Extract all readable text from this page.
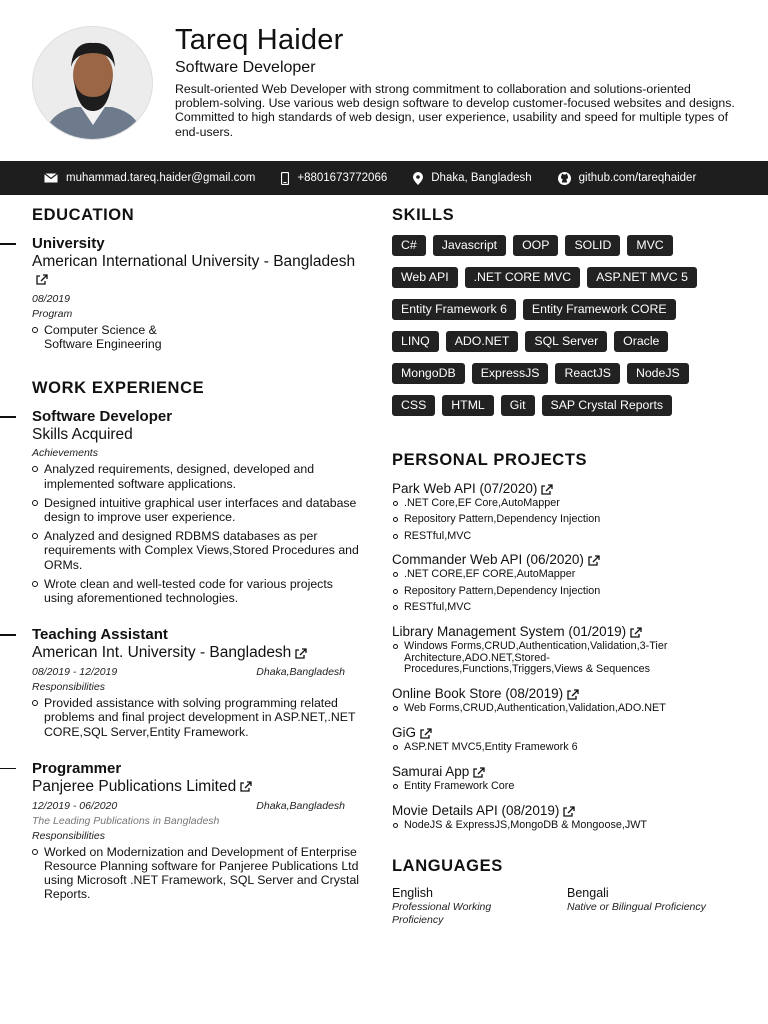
Tareq Haider
Software Developer
Result-oriented Web Developer with strong commitment to collaboration and solutions-oriented problem-solving. Use various web design software to develop customer-focused websites and designs. Committed to high standards of web design, user experience, usability and speed for multiple types of end-users.
muhammad.tareq.haider@gmail.com	+8801673772066	Dhaka, Bangladesh	github.com/tareqhaider
EDUCATION
University
American International University - Bangladesh
08/2019
Program
Computer Science & Software Engineering
WORK EXPERIENCE
Software Developer
Skills Acquired
Achievements
Analyzed requirements, designed, developed and implemented software applications.
Designed intuitive graphical user interfaces and database design to improve user experience.
Analyzed and designed RDBMS databases as per requirements with Complex Views,Stored Procedures and ORMs.
Wrote clean and well-tested code for various projects using aforementioned technologies.
Teaching Assistant
American Int. University - Bangladesh
08/2019 - 12/2019	Dhaka,Bangladesh
Responsibilities
Provided assistance with solving programming related problems and final project development in ASP.NET,.NET CORE,SQL Server,Entity Framework.
Programmer
Panjeree Publications Limited
12/2019 - 06/2020	Dhaka,Bangladesh
The Leading Publications in Bangladesh
Responsibilities
Worked on Modernization and Development of Enterprise Resource Planning software for Panjeree Publications Ltd using Microsoft .NET Framework, SQL Server and Crystal Reports.
SKILLS
C#	Javascript	OOP	SOLID	MVC
Web API	.NET CORE MVC	ASP.NET MVC 5
Entity Framework 6	Entity Framework CORE
LINQ	ADO.NET	SQL Server	Oracle
MongoDB	ExpressJS	ReactJS	NodeJS
CSS	HTML	Git	SAP Crystal Reports
PERSONAL PROJECTS
Park Web API (07/2020)
.NET Core,EF Core,AutoMapper
Repository Pattern,Dependency Injection
RESTful,MVC
Commander Web API (06/2020)
.NET CORE,EF CORE,AutoMapper
Repository Pattern,Dependency Injection
RESTful,MVC
Library Management System (01/2019)
Windows Forms,CRUD,Authentication,Validation,3-Tier Architecture,ADO.NET,Stored-Procedures,Functions,Triggers,Views & Sequences
Online Book Store (08/2019)
Web Forms,CRUD,Authentication,Validation,ADO.NET
GiG
ASP.NET MVC5,Entity Framework 6
Samurai App
Entity Framework Core
Movie Details API (08/2019)
NodeJS & ExpressJS,MongoDB & Mongoose,JWT
LANGUAGES
English
Professional Working Proficiency
Bengali
Native or Bilingual Proficiency
